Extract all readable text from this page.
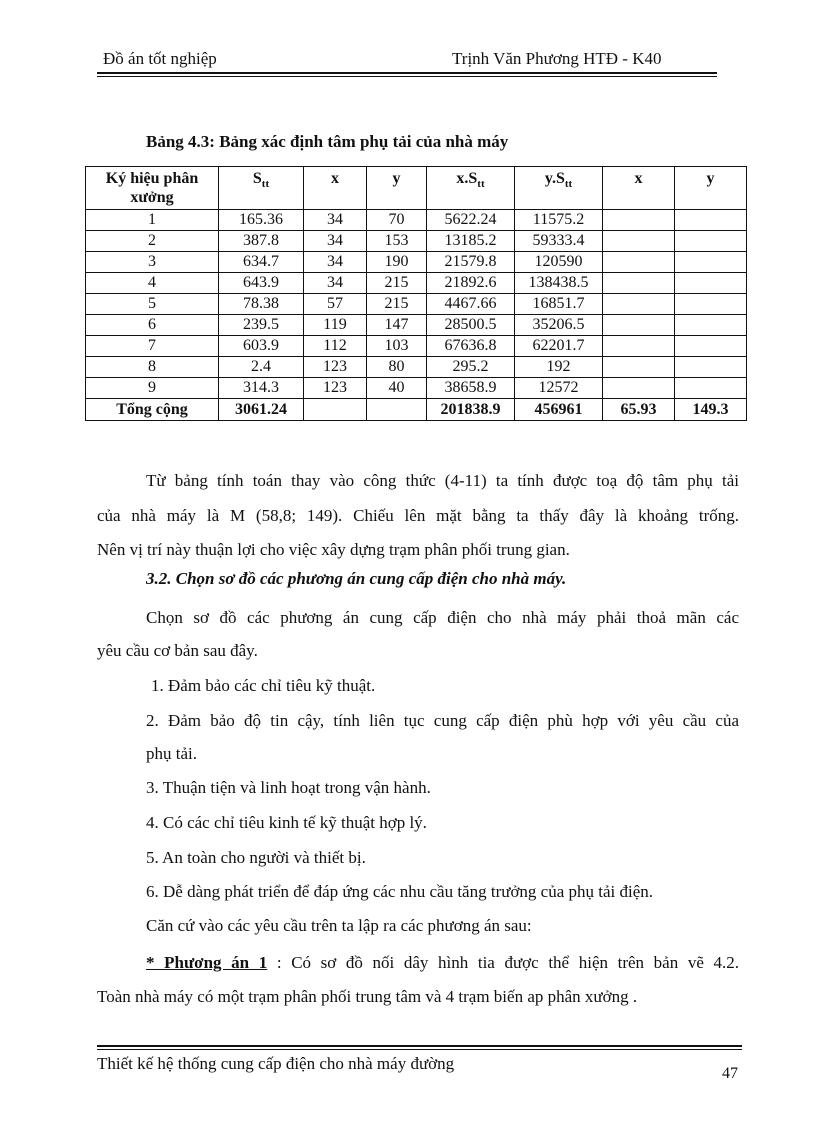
Đồ án tốt nghiệp	Trịnh Văn Phương HTĐ - K40
Bảng 4.3: Bảng xác định tâm phụ tải của nhà máy
Ký hiệu phân
xưởng	$S_{tt}$	x	y	$x.S_{tt}$	$y.S_{tt}$	x	y
1	165.36	34	70	5622.24	11575.2		
2	387.8	34	153	13185.2	59333.4		
3	634.7	34	190	21579.8	120590		
4	643.9	34	215	21892.6	138438.5		
5	78.38	57	215	4467.66	16851.7		
6	239.5	119	147	28500.5	35206.5		
7	603.9	112	103	67636.8	62201.7		
8	2.4	123	80	295.2	192		
9	314.3	123	40	38658.9	12572		
Tổng cộng	3061.24			201838.9	456961	65.93	149.3
Từ bảng tính toán thay vào công thức (4-11) ta tính được toạ độ tâm phụ tải
của nhà máy là M (58,8; 149). Chiếu lên mặt bằng ta thấy đây là khoảng trống.
Nên vị trí này thuận lợi cho việc xây dựng trạm phân phối trung gian.
3.2. Chọn sơ đồ các phương án cung cấp điện cho nhà máy.
Chọn sơ đồ các phương án cung cấp điện cho nhà máy phải thoả mãn các
yêu cầu cơ bản sau đây.
1. Đảm bảo các chỉ tiêu kỹ thuật.
2. Đảm bảo độ tin cậy, tính liên tục cung cấp điện phù hợp với yêu cầu của
phụ tải.
3. Thuận tiện và linh hoạt trong vận hành.
4. Có các chỉ tiêu kinh tế kỹ thuật hợp lý.
5. An toàn cho người và thiết bị.
6. Dễ dàng phát triển để đáp ứng các nhu cầu tăng trưởng của phụ tải điện.
Căn cứ vào các yêu cầu trên ta lập ra các phương án sau:
* Phương án 1 : Có sơ đồ nối dây hình tia được thể hiện trên bản vẽ 4.2.
Toàn nhà máy có một trạm phân phối trung tâm và 4 trạm biến ap phân xưởng .
Thiết kế hệ thống cung cấp điện cho nhà máy đường
47
